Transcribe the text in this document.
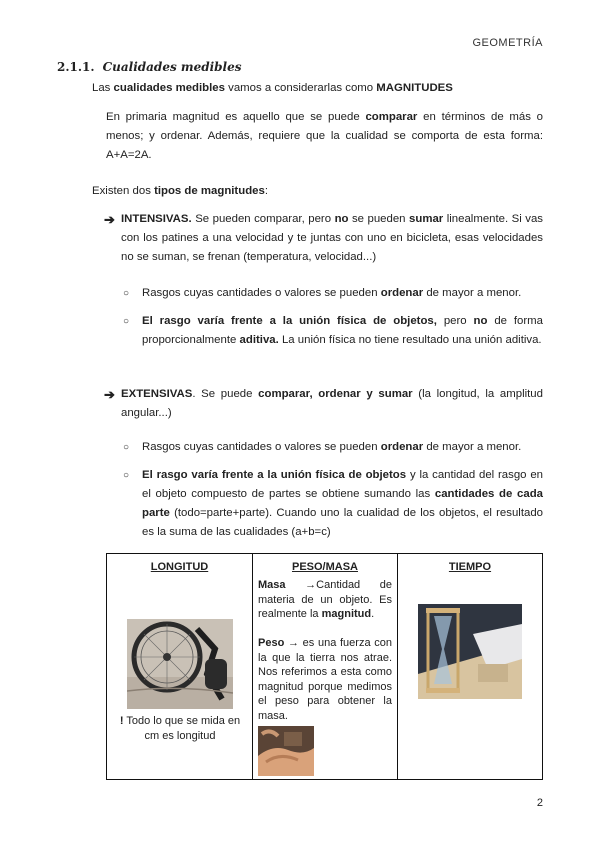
GEOMETRÍA
2.1.1. Cualidades medibles
Las cualidades medibles vamos a considerarlas como MAGNITUDES
En primaria magnitud es aquello que se puede comparar en términos de más o menos; y ordenar. Además, requiere que la cualidad se comporta de esta forma: A+A=2A.
Existen dos tipos de magnitudes:
➔ INTENSIVAS. Se pueden comparar, pero no se pueden sumar linealmente. Si vas con los patines a una velocidad y te juntas con uno en bicicleta, esas velocidades no se suman, se frenan (temperatura, velocidad...)
○ Rasgos cuyas cantidades o valores se pueden ordenar de mayor a menor.
○ El rasgo varía frente a la unión física de objetos, pero no de forma proporcionalmente aditiva. La unión física no tiene resultado una unión aditiva.
➔ EXTENSIVAS. Se puede comparar, ordenar y sumar (la longitud, la amplitud angular...)
○ Rasgos cuyas cantidades o valores se pueden ordenar de mayor a menor.
○ El rasgo varía frente a la unión física de objetos y la cantidad del rasgo en el objeto compuesto de partes se obtiene sumando las cantidades de cada parte (todo=parte+parte). Cuando uno la cualidad de los objetos, el resultado es la suma de las cualidades (a+b=c)
LONGITUD
! Todo lo que se mida en cm es longitud
PESO/MASA
Masa →Cantidad de materia de un objeto. Es realmente la magnitud.
Peso → es una fuerza con la que la tierra nos atrae. Nos referimos a esta como magnitud porque medimos el peso para obtener la masa.
TIEMPO
2
